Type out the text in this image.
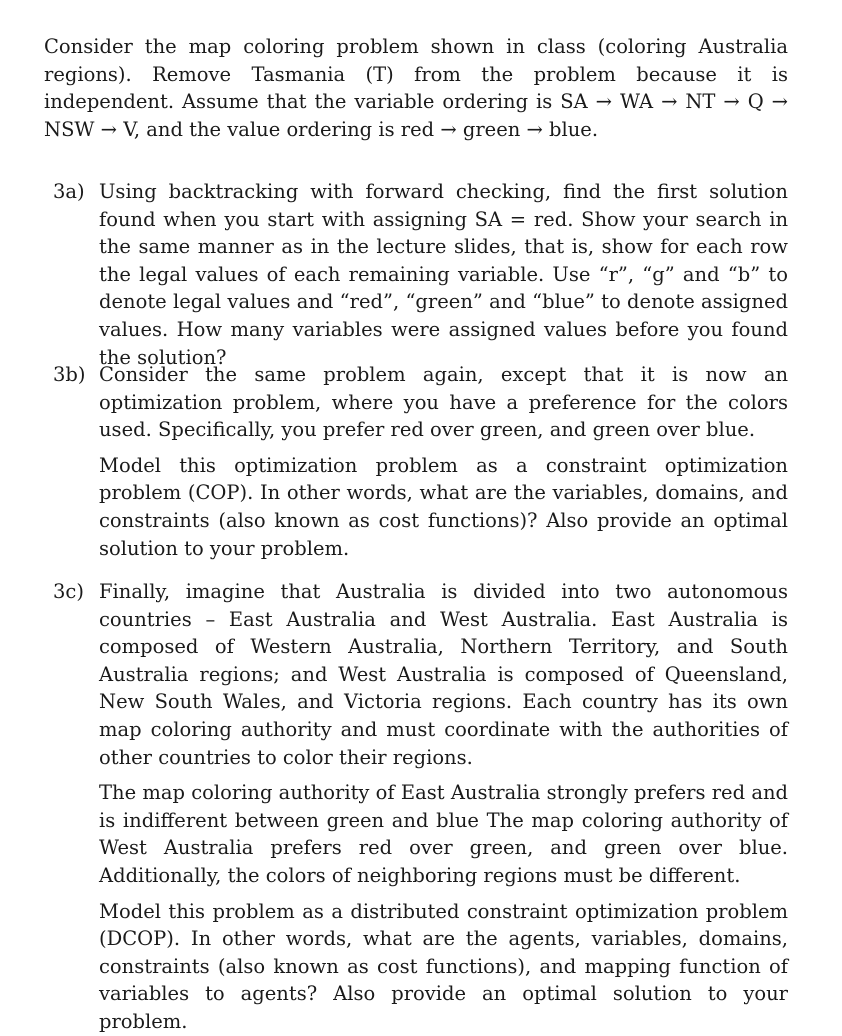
Consider the map coloring problem shown in class (coloring Australia regions). Remove Tasmania (T) from the problem because it is independent. Assume that the variable ordering is SA → WA → NT → Q → NSW → V, and the value ordering is red → green → blue.

3a) Using backtracking with forward checking, find the first solution found when you start with assigning SA = red. Show your search in the same manner as in the lecture slides, that is, show for each row the legal values of each remaining variable. Use “r”, “g” and “b” to denote legal values and “red”, “green” and “blue” to denote assigned values. How many variables were assigned values before you found the solution?

3b) Consider the same problem again, except that it is now an optimization problem, where you have a preference for the colors used. Specifically, you prefer red over green, and green over blue.

Model this optimization problem as a constraint optimization problem (COP). In other words, what are the variables, domains, and constraints (also known as cost functions)? Also provide an optimal solution to your problem.

3c) Finally, imagine that Australia is divided into two autonomous countries – East Australia and West Australia. East Australia is composed of Western Australia, Northern Territory, and South Australia regions; and West Australia is composed of Queensland, New South Wales, and Victoria regions. Each country has its own map coloring authority and must coordinate with the authorities of other countries to color their regions.

The map coloring authority of East Australia strongly prefers red and is indifferent between green and blue The map coloring authority of West Australia prefers red over green, and green over blue. Additionally, the colors of neighboring regions must be different.

Model this problem as a distributed constraint optimization problem (DCOP). In other words, what are the agents, variables, domains, constraints (also known as cost functions), and mapping function of variables to agents? Also provide an optimal solution to your problem.
